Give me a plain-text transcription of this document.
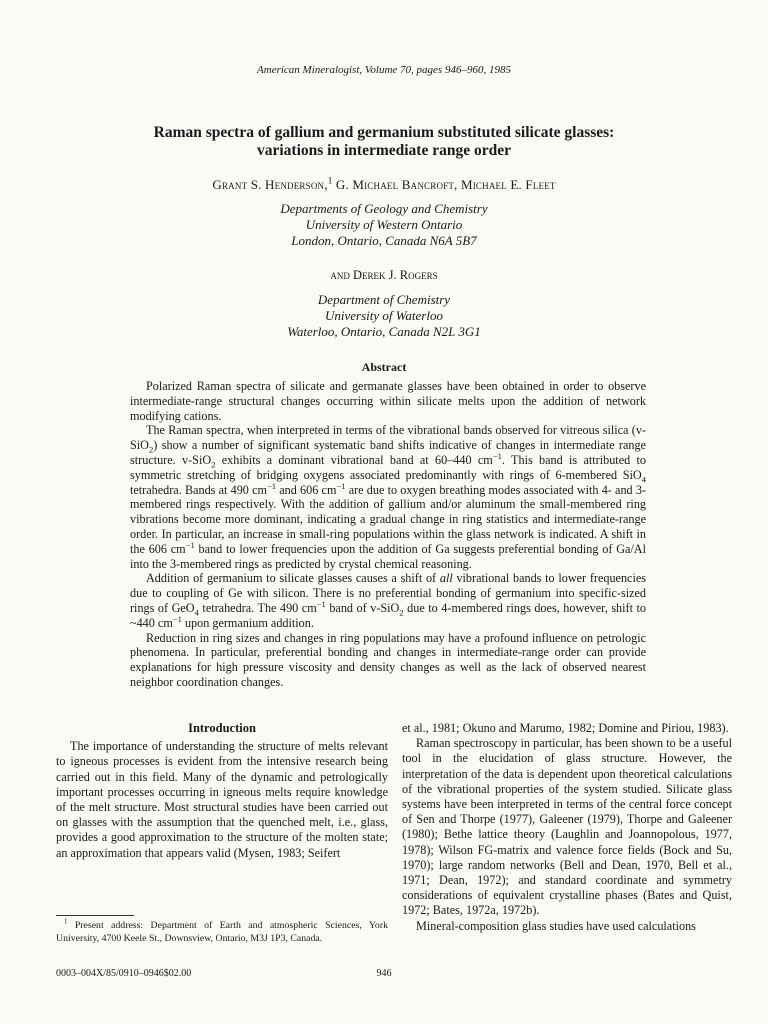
American Mineralogist, Volume 70, pages 946–960, 1985
Raman spectra of gallium and germanium substituted silicate glasses: variations in intermediate range order
Grant S. Henderson,$^1$ G. Michael Bancroft, Michael E. Fleet
Departments of Geology and Chemistry
University of Western Ontario
London, Ontario, Canada N6A 5B7
and Derek J. Rogers
Department of Chemistry
University of Waterloo
Waterloo, Ontario, Canada N2L 3G1
Abstract

Polarized Raman spectra of silicate and germanate glasses have been obtained in order to observe intermediate-range structural changes occurring within silicate melts upon the addition of network modifying cations.

The Raman spectra, when interpreted in terms of the vibrational bands observed for vitreous silica (v-SiO$_2$) show a number of significant systematic band shifts indicative of changes in intermediate range structure. v-SiO$_2$ exhibits a dominant vibrational band at 60–440 $cm^{-1}$. This band is attributed to symmetric stretching of bridging oxygens associated predominantly with rings of 6-membered SiO$_4$ tetrahedra. Bands at 490 $cm^{-1}$ and 606 $cm^{-1}$ are due to oxygen breathing modes associated with 4- and 3-membered rings respectively. With the addition of gallium and/or aluminum the small-membered ring vibrations become more dominant, indicating a gradual change in ring statistics and intermediate-range order. In particular, an increase in small-ring populations within the glass network is indicated. A shift in the 606 $cm^{-1}$ band to lower frequencies upon the addition of Ga suggests preferential bonding of Ga/Al into the 3-membered rings as predicted by crystal chemical reasoning.

Addition of germanium to silicate glasses causes a shift of all vibrational bands to lower frequencies due to coupling of Ge with silicon. There is no preferential bonding of germanium into specific-sized rings of GeO$_4$ tetrahedra. The 490 $cm^{-1}$ band of v-SiO$_2$ due to 4-membered rings does, however, shift to ~440 $cm^{-1}$ upon germanium addition.

Reduction in ring sizes and changes in ring populations may have a profound influence on petrologic phenomena. In particular, preferential bonding and changes in intermediate-range order can provide explanations for high pressure viscosity and density changes as well as the lack of observed nearest neighbor coordination changes.

Introduction

The importance of understanding the structure of melts relevant to igneous processes is evident from the intensive research being carried out in this field. Many of the dynamic and petrologically important processes occurring in igneous melts require knowledge of the melt structure. Most structural studies have been carried out on glasses with the assumption that the quenched melt, i.e., glass, provides a good approximation to the structure of the molten state; an approximation that appears valid (Mysen, 1983; Seifert

et al., 1981; Okuno and Marumo, 1982; Domine and Piriou, 1983).

Raman spectroscopy in particular, has been shown to be a useful tool in the elucidation of glass structure. However, the interpretation of the data is dependent upon theoretical calculations of the vibrational properties of the system studied. Silicate glass systems have been interpreted in terms of the central force concept of Sen and Thorpe (1977), Galeener (1979), Thorpe and Galeener (1980); Bethe lattice theory (Laughlin and Joannopolous, 1977, 1978); Wilson FG-matrix and valence force fields (Bock and Su, 1970); large random networks (Bell and Dean, 1970, Bell et al., 1971; Dean, 1972); and standard coordinate and symmetry considerations of equivalent crystalline phases (Bates and Quist, 1972; Bates, 1972a, 1972b).

Mineral-composition glass studies have used calculations

$^1$ Present address: Department of Earth and atmospheric Sciences, York University, 4700 Keele St., Downsview, Ontario, M3J 1P3, Canada.
0003–004X/85/0910–0946$02.00	946
